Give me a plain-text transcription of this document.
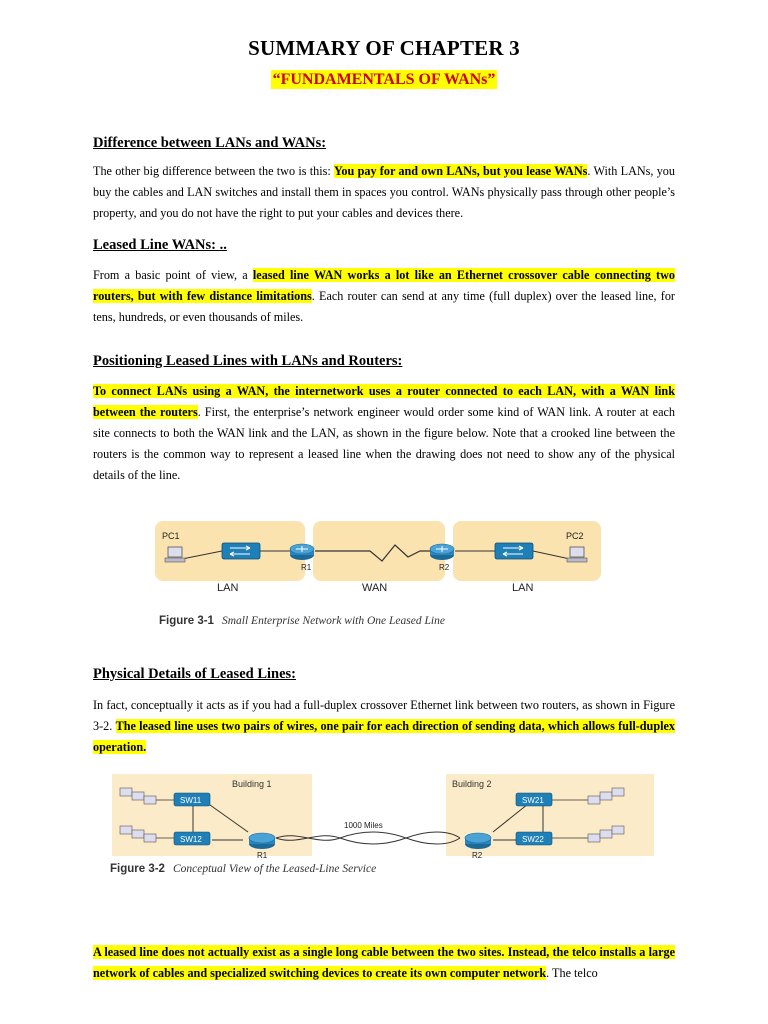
SUMMARY OF CHAPTER 3
“FUNDAMENTALS OF WANs”
Difference between LANs and WANs:
The other big difference between the two is this: You pay for and own LANs, but you lease WANs. With LANs, you buy the cables and LAN switches and install them in spaces you control. WANs physically pass through other people’s property, and you do not have the right to put your cables and devices there.
Leased Line WANs: ..
From a basic point of view, a leased line WAN works a lot like an Ethernet crossover cable connecting two routers, but with few distance limitations. Each router can send at any time (full duplex) over the leased line, for tens, hundreds, or even thousands of miles.
Positioning Leased Lines with LANs and Routers:
To connect LANs using a WAN, the internetwork uses a router connected to each LAN, with a WAN link between the routers. First, the enterprise’s network engineer would order some kind of WAN link. A router at each site connects to both the WAN link and the LAN, as shown in the figure below. Note that a crooked line between the routers is the common way to represent a leased line when the drawing does not need to show any of the physical details of the line.
PC1
R1	R2
PC2
LAN	WAN	LAN
Figure 3-1 Small Enterprise Network with One Leased Line
Physical Details of Leased Lines:
In fact, conceptually it acts as if you had a full-duplex crossover Ethernet link between two routers, as shown in Figure 3-2. The leased line uses two pairs of wires, one pair for each direction of sending data, which allows full-duplex operation.
Building 1	Building 2
1000 Miles
SW11
SW12
R1	R2
SW21
SW22
Figure 3-2 Conceptual View of the Leased-Line Service
A leased line does not actually exist as a single long cable between the two sites. Instead, the telco installs a large network of cables and specialized switching devices to create its own computer network. The telco
